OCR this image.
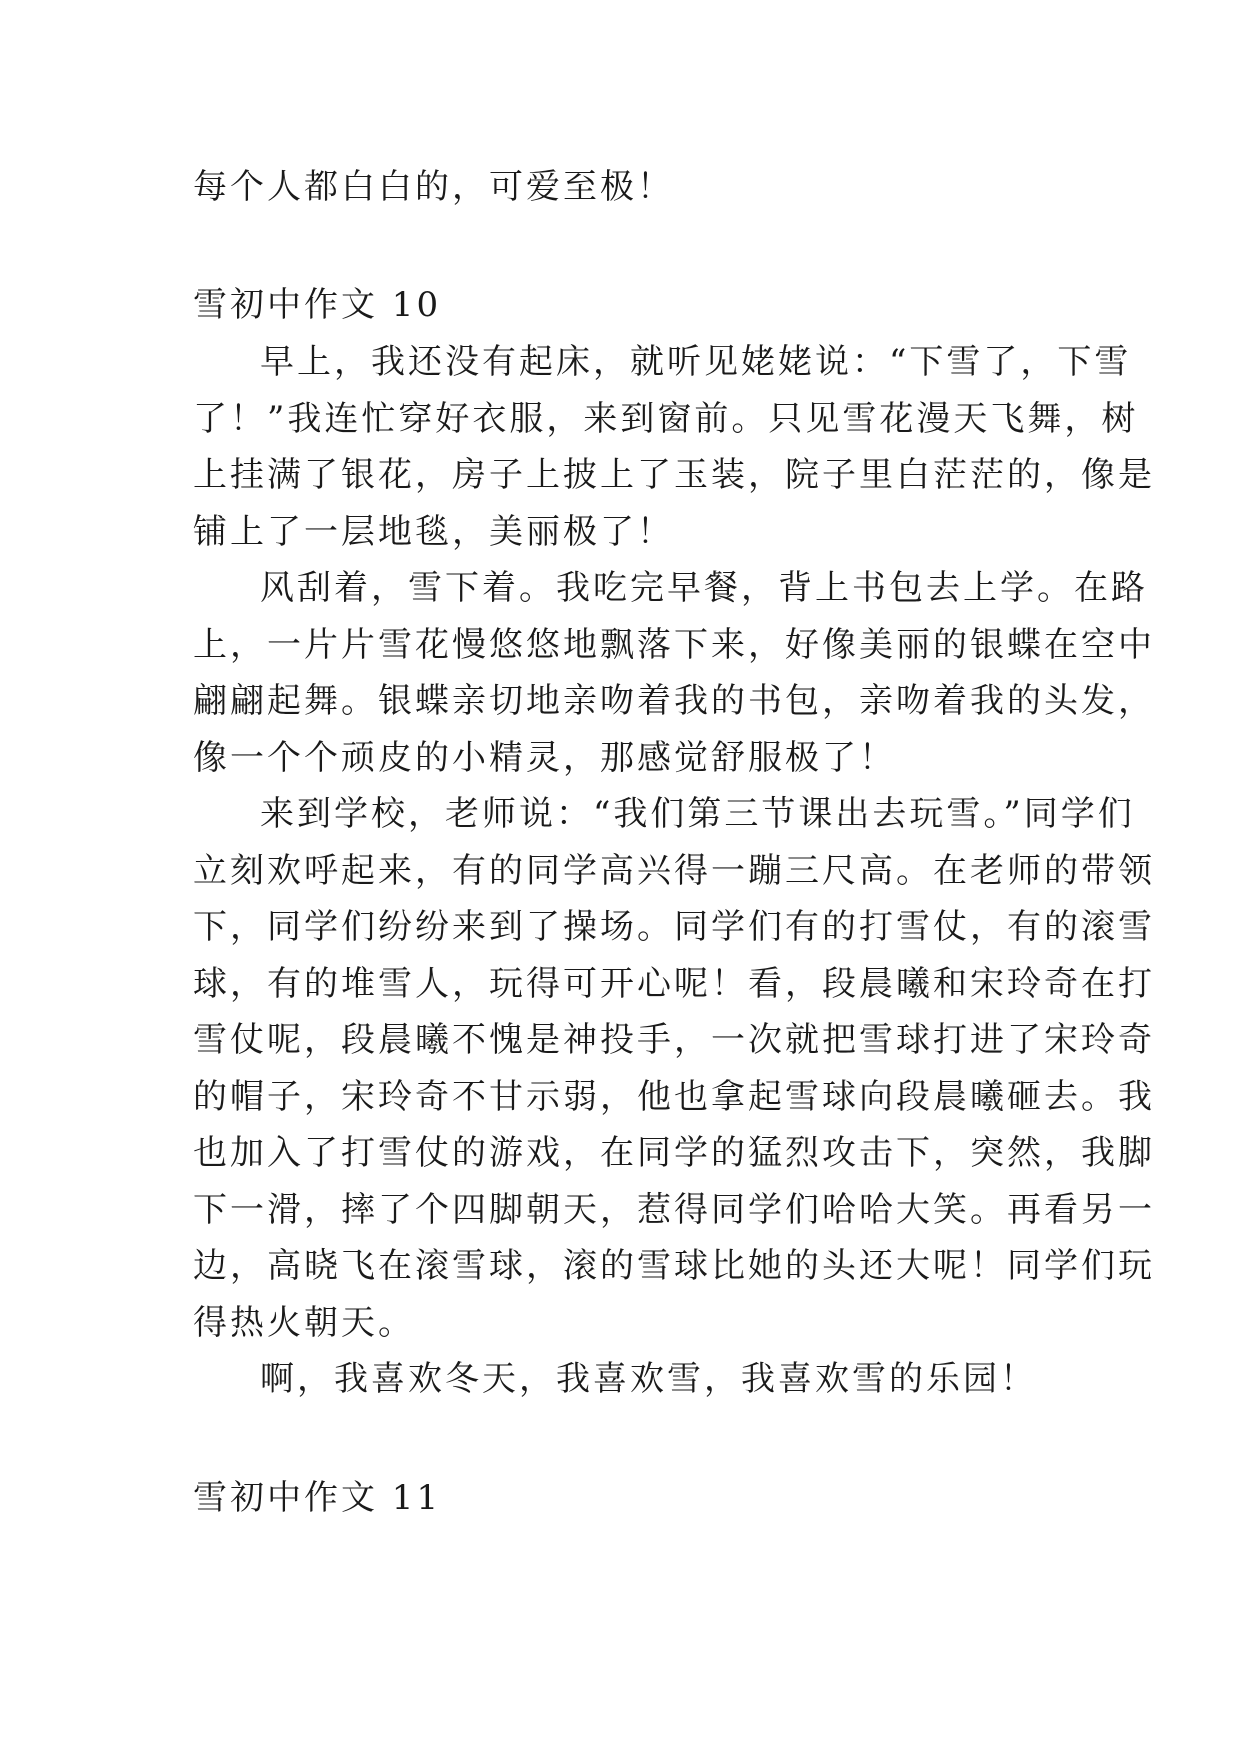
每个人都白白的，可爱至极！
雪初中作文 10
早上，我还没有起床，就听见姥姥说：“下雪了，下雪
了！”我连忙穿好衣服，来到窗前。只见雪花漫天飞舞，树
上挂满了银花，房子上披上了玉装，院子里白茫茫的，像是
铺上了一层地毯，美丽极了！
风刮着，雪下着。我吃完早餐，背上书包去上学。在路
上，一片片雪花慢悠悠地飘落下来，好像美丽的银蝶在空中
翩翩起舞。银蝶亲切地亲吻着我的书包，亲吻着我的头发，
像一个个顽皮的小精灵，那感觉舒服极了！
来到学校，老师说：“我们第三节课出去玩雪。”同学们
立刻欢呼起来，有的同学高兴得一蹦三尺高。在老师的带领
下，同学们纷纷来到了操场。同学们有的打雪仗，有的滚雪
球，有的堆雪人，玩得可开心呢！看，段晨曦和宋玲奇在打
雪仗呢，段晨曦不愧是神投手，一次就把雪球打进了宋玲奇
的帽子，宋玲奇不甘示弱，他也拿起雪球向段晨曦砸去。我
也加入了打雪仗的游戏，在同学的猛烈攻击下，突然，我脚
下一滑，摔了个四脚朝天，惹得同学们哈哈大笑。再看另一
边，高晓飞在滚雪球，滚的雪球比她的头还大呢！同学们玩
得热火朝天。
啊，我喜欢冬天，我喜欢雪，我喜欢雪的乐园！
雪初中作文 11
